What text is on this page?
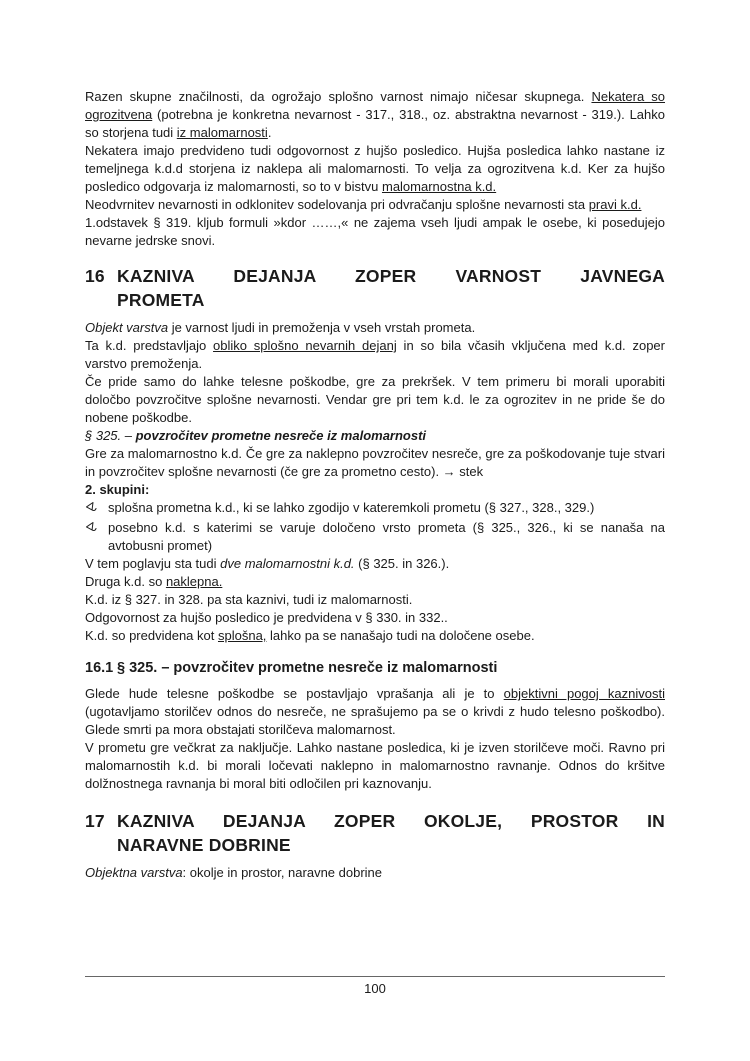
Razen skupne značilnosti, da ogrožajo splošno varnost nimajo ničesar skupnega. Nekatera so ogrozitvena (potrebna je konkretna nevarnost - 317., 318., oz. abstraktna nevarnost - 319.). Lahko so storjena tudi iz malomarnosti.

Nekatera imajo predvideno tudi odgovornost z hujšo posledico. Hujša posledica lahko nastane iz temeljnega k.d.d storjena iz naklepa ali malomarnosti. To velja za ogrozitvena k.d. Ker za hujšo posledico odgovarja iz malomarnosti, so to v bistvu malomarnostna k.d.

Neodvrnitev nevarnosti in odklonitev sodelovanja pri odvračanju splošne nevarnosti sta pravi k.d.

1.odstavek § 319. kljub formuli »kdor ……,« ne zajema vseh ljudi ampak le osebe, ki posedujejo nevarne jedrske snovi.

16 KAZNIVA DEJANJA ZOPER VARNOST JAVNEGA
PROMETA

Objekt varstva je varnost ljudi in premoženja v vseh vrstah prometa.

Ta k.d. predstavljajo obliko splošno nevarnih dejanj in so bila včasih vključena med k.d. zoper varstvo premoženja.

Če pride samo do lahke telesne poškodbe, gre za prekršek. V tem primeru bi morali uporabiti določbo povzročitve splošne nevarnosti. Vendar gre pri tem k.d. le za ogrozitev in ne pride še do nobene poškodbe.

§ 325. – povzročitev prometne nesreče iz malomarnosti

Gre za malomarnostno k.d. Če gre za naklepno povzročitev nesreče, gre za poškodovanje tuje stvari in povzročitev splošne nevarnosti (če gre za prometno cesto). → stek

2. skupini:

splošna prometna k.d., ki se lahko zgodijo v kateremkoli prometu (§ 327., 328., 329.)

posebno k.d. s katerimi se varuje določeno vrsto prometa (§ 325., 326., ki se nanaša na avtobusni promet)

V tem poglavju sta tudi dve malomarnostni k.d. (§ 325. in 326.).

Druga k.d. so naklepna.

K.d. iz § 327. in 328. pa sta kaznivi, tudi iz malomarnosti.

Odgovornost za hujšo posledico je predvidena v § 330. in 332..

K.d. so predvidena kot splošna, lahko pa se nanašajo tudi na določene osebe.

16.1 § 325. – povzročitev prometne nesreče iz malomarnosti

Glede hude telesne poškodbe se postavljajo vprašanja ali je to objektivni pogoj kaznivosti (ugotavljamo storilčev odnos do nesreče, ne sprašujemo pa se o krivdi z hudo telesno poškodbo). Glede smrti pa mora obstajati storilčeva malomarnost.

V prometu gre večkrat za naključje. Lahko nastane posledica, ki je izven storilčeve moči. Ravno pri malomarnostih k.d. bi morali ločevati naklepno in malomarnostno ravnanje. Odnos do kršitve dolžnostnega ravnanja bi moral biti odločilen pri kaznovanju.

17 KAZNIVA DEJANJA ZOPER OKOLJE, PROSTOR IN
NARAVNE DOBRINE

Objektna varstva: okolje in prostor, naravne dobrine

100
